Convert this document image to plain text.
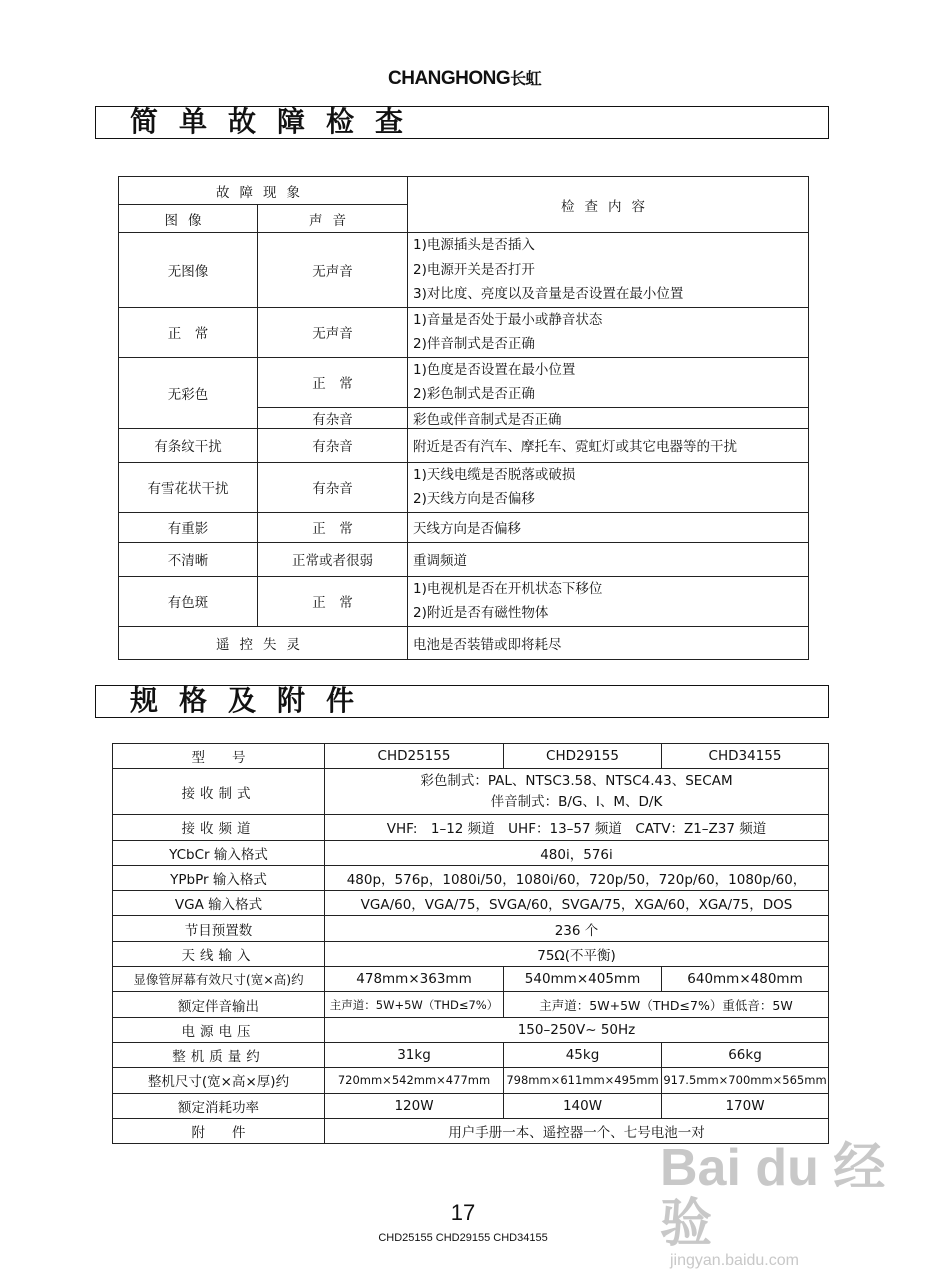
CHANGHONG长虹
简单故障检查
故障现象		检查内容
图像	声音	
无图像	无声音	1)电源插头是否插入
2)电源开关是否打开
3)对比度、亮度以及音量是否设置在最小位置

正　常	无声音	1)音量是否处于最小或静音状态
2)伴音制式是否正确

无彩色	正　常	1)色度是否设置在最小位置
2)彩色制式是否正确

	有杂音	彩色或伴音制式是否正确
有条纹干扰	有杂音	附近是否有汽车、摩托车、霓虹灯或其它电器等的干扰
有雪花状干扰	有杂音	1)天线电缆是否脱落或破损
2)天线方向是否偏移

有重影	正　常	天线方向是否偏移
不清晰	正常或者很弱	重调频道
有色斑	正　常	1)电视机是否在开机状态下移位
2)附近是否有磁性物体

遥控失灵		电池是否装错或即将耗尽
规格及附件
型　　号	CHD25155	CHD29155	CHD34155
接收制式	彩色制式：PAL、NTSC3.58、NTSC4.43、SECAM
伴音制式：B/G、I、M、D/K		

接收频道	VHF:　1–12 频道　UHF：13–57 频道　CATV：Z1–Z37 频道		
YCbCr 输入格式	480i，576i		
YPbPr 输入格式	480p，576p，1080i/50，1080i/60，720p/50，720p/60，1080p/60，		
VGA 输入格式	VGA/60，VGA/75，SVGA/60，SVGA/75，XGA/60，XGA/75，DOS		
节目预置数	236 个		
天线输入	75Ω(不平衡)		
显像管屏幕有效尺寸(宽×高)约	478mm×363mm	540mm×405mm	640mm×480mm
额定伴音输出	主声道：5W+5W（THD≤7%）	主声道：5W+5W（THD≤7%）重低音：5W	
电源电压	150–250V~ 50Hz		
整机质量约	31kg	45kg	66kg
整机尺寸(宽×高×厚)约	720mm×542mm×477mm	798mm×611mm×495mm	917.5mm×700mm×565mm
额定消耗功率	120W	140W	170W
附　　件	用户手册一本、遥控器一个、七号电池一对		
17
CHD25155 CHD29155 CHD34155
Bai du 经验
jingyan.baidu.com
